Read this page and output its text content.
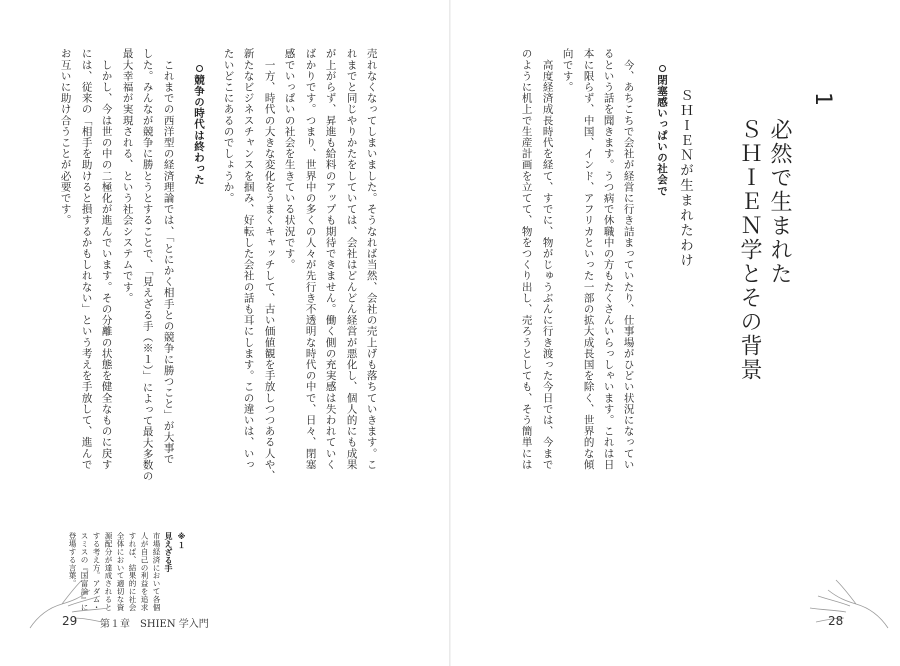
1
必然で生まれた
ＳＨＩＥＮ学とその背景
ＳＨＩＥＮが生まれたわけ

閉塞感いっぱいの社会で

　今、あちこちで会社が経営に行き詰まっていたり、仕事場がひどい状況になってい
るという話を聞きます。うつ病で休職中の方もたくさんいらっしゃいます。これは日
本に限らず、中国、インド、アフリカといった一部の拡大成長国を除く、世界的な傾
向です。
　高度経済成長時代を経て、すでに、物がじゅうぶんに行き渡った今日では、今まで
のように机上で生産計画を立てて、物をつくり出し、売ろうとしても、そう簡単には
売れなくなってしまいました。そうなれば当然、会社の売上げも落ちていきます。こ
れまでと同じやりかたをしていては、会社はどんどん経営が悪化し、個人的にも成果
が上がらず、昇進も給料のアップも期待できません。働く側の充実感は失われていく
ばかりです。つまり、世界中の多くの人々が先行き不透明な時代の中で、日々、閉塞
感でいっぱいの社会を生きている状況です。
　一方、時代の大きな変化をうまくキャッチして、古い価値観を手放しつつある人や、
新たなビジネスチャンスを掴み、好転した会社の話も耳にします。この違いは、いっ
たいどこにあるのでしょうか。

競争の時代は終わった

　これまでの西洋型の経済理論では、「とにかく相手との競争に勝つこと」が大事で
した。みんなが競争に勝とうとすることで、「見えざる手（※１）」によって最大多数の
最大幸福が実現される、という社会システムです。
　しかし、今は世の中の二極化が進んでいます。その分離の状態を健全なものに戻す
には、従来の「相手を助けると損するかもしれない」という考えを手放して、進んで
お互いに助け合うことが必要です。
※１
見えざる手
市場経済において各個
人が自己の利益を追求
すれば、結果的に社会
全体において適切な資
源配分が達成されると
する考え方。アダム・
スミスの『国富論』に
登場する言葉。
29 第１章　SHIEN 学入門	28
